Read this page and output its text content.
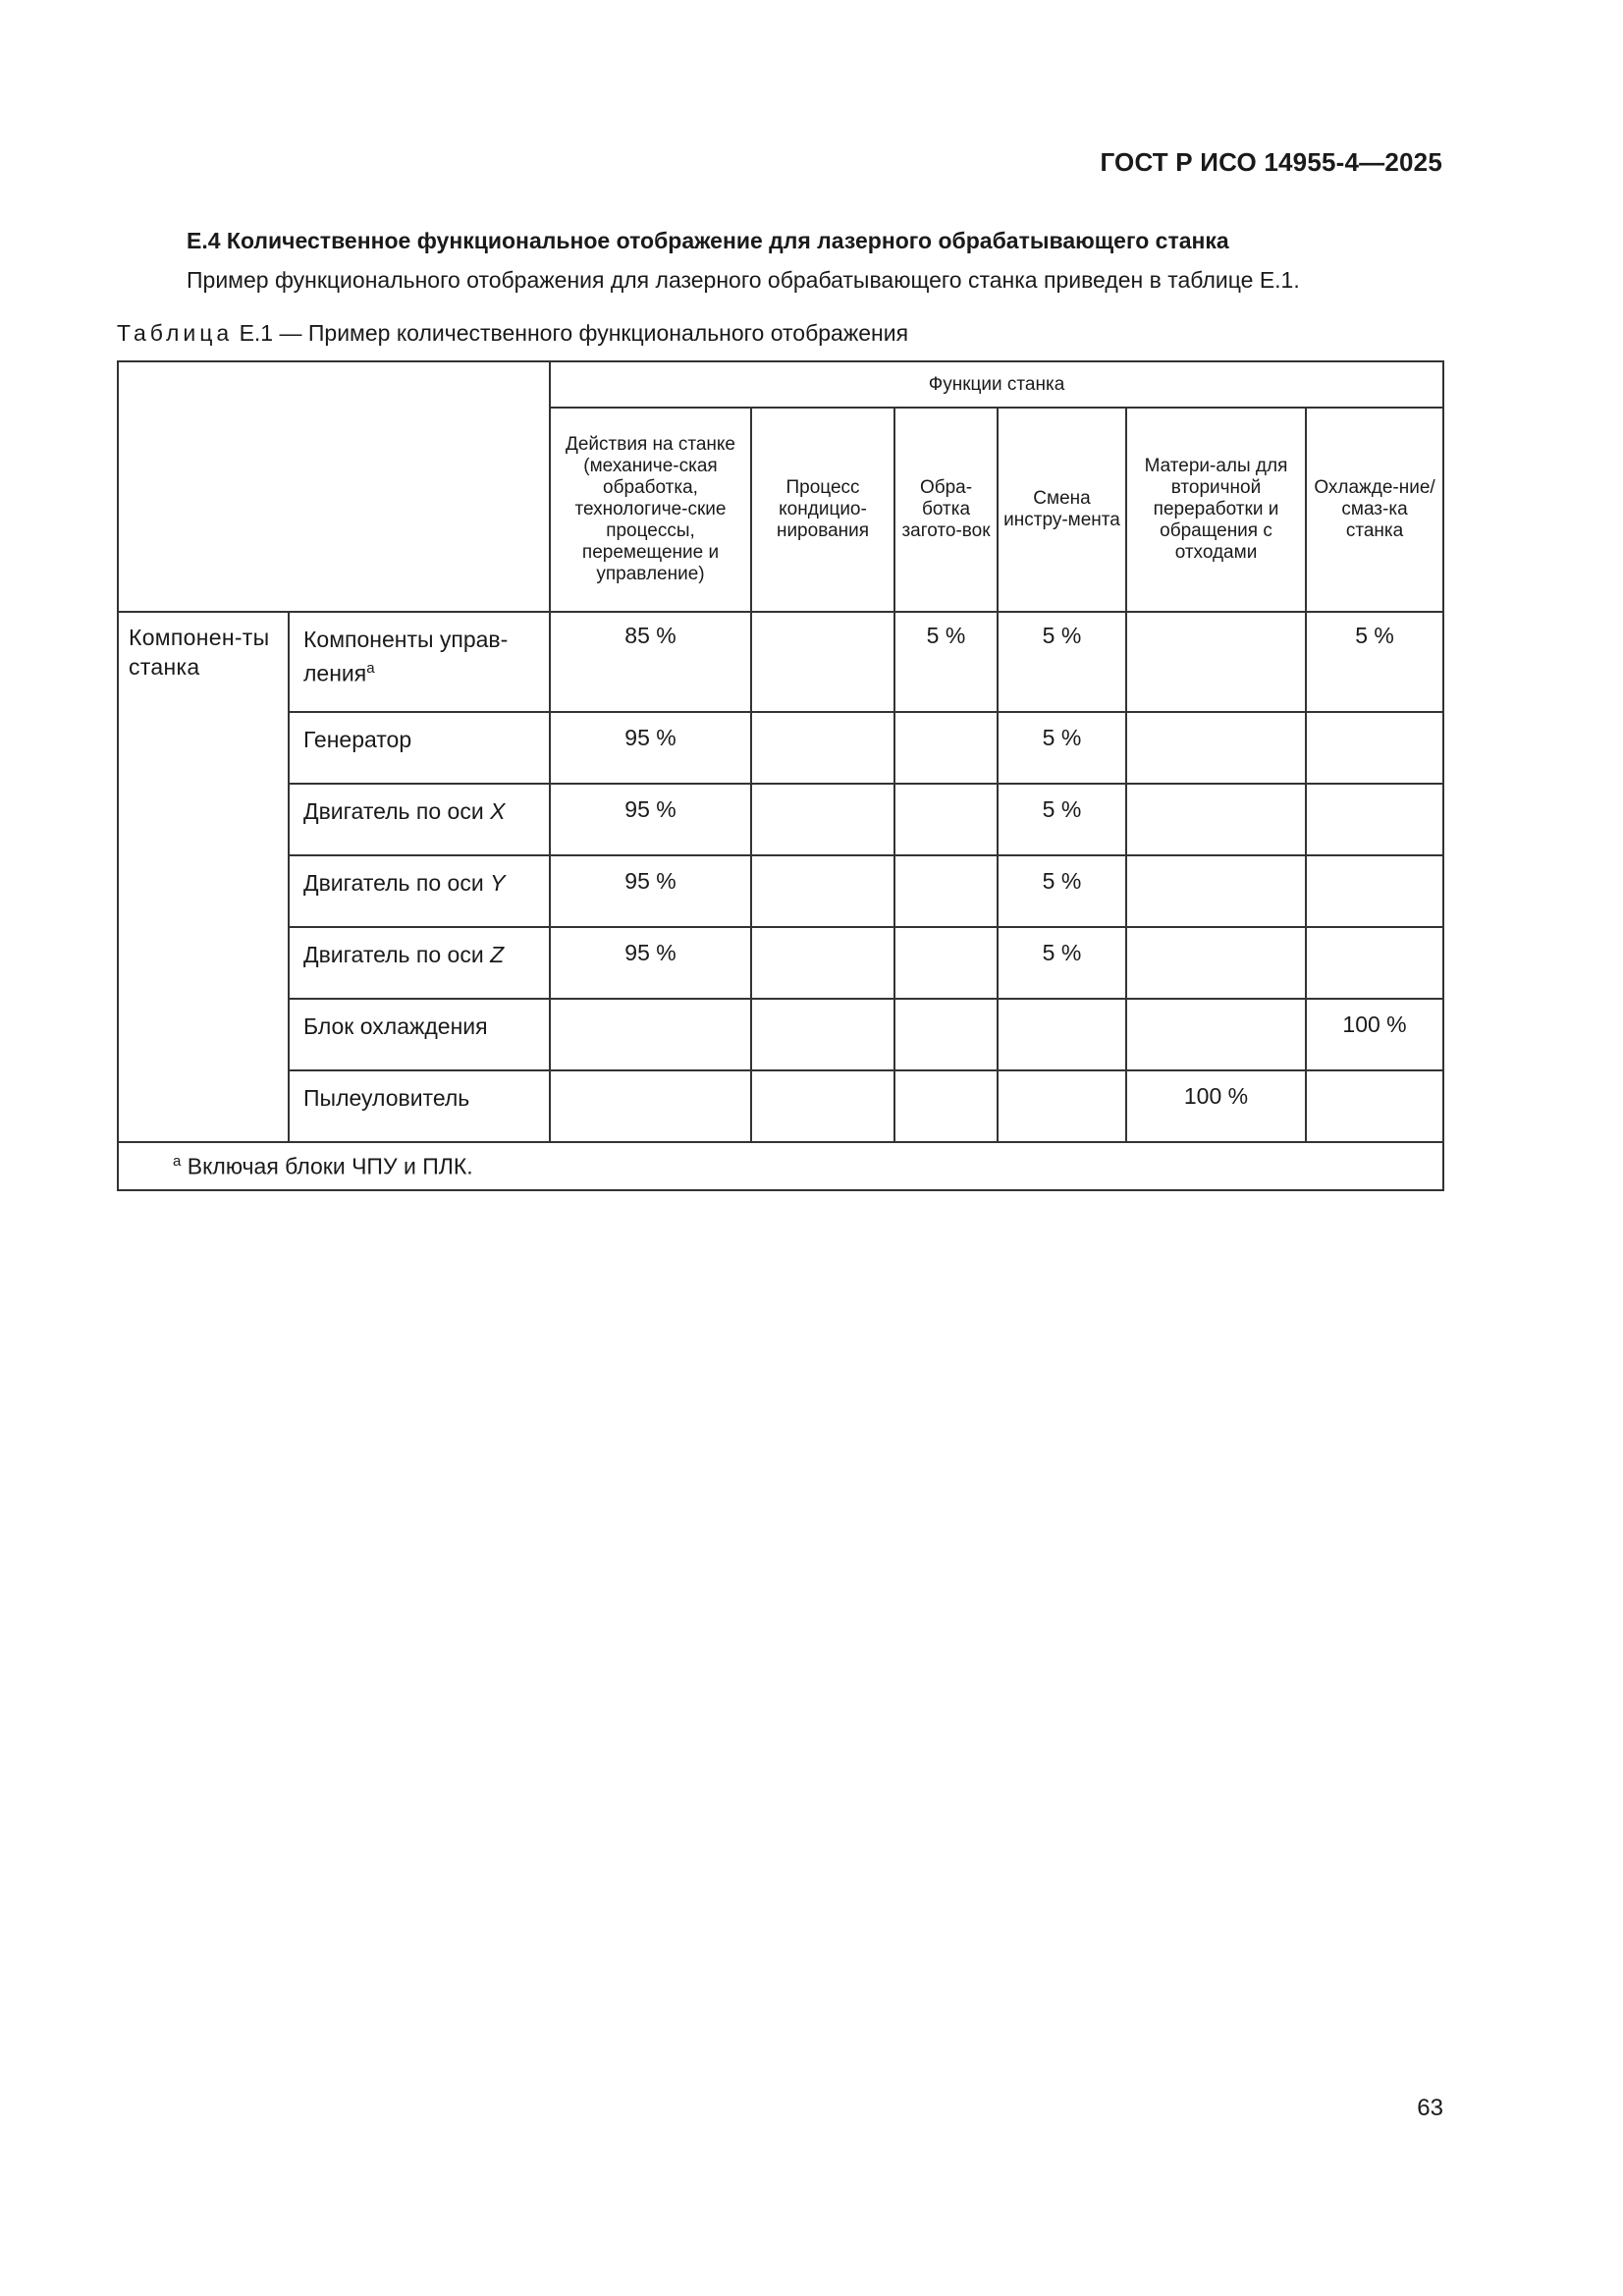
ГОСТ Р ИСО 14955-4—2025
E.4 Количественное функциональное отображение для лазерного обрабатывающего станка
Пример функционального отображения для лазерного обрабатывающего станка приведен в таблице E.1.
Таблица E.1 — Пример количественного функционального отображения
		Функции станка					
		Действия на станке (механиче-ская обработка, технологиче-ские процессы, перемещение и управление)	Процесс кондицио-нирования	Обра-ботка загото-вок	Смена инстру-мента	Матери-алы для вторичной переработки и обращения с отходами	Охлажде-ние/смаз-ка станка
Компонен-ты станка	Компоненты управ-ления$^a$	85 %		5 %	5 %		5 %
	Генератор	95 %			5 %		
	Двигатель по оси X	95 %			5 %		
	Двигатель по оси Y	95 %			5 %		
	Двигатель по оси Z	95 %			5 %		
	Блок охлаждения						100 %
	Пылеуловитель					100 %	
$^a$ Включая блоки ЧПУ и ПЛК.							
63
